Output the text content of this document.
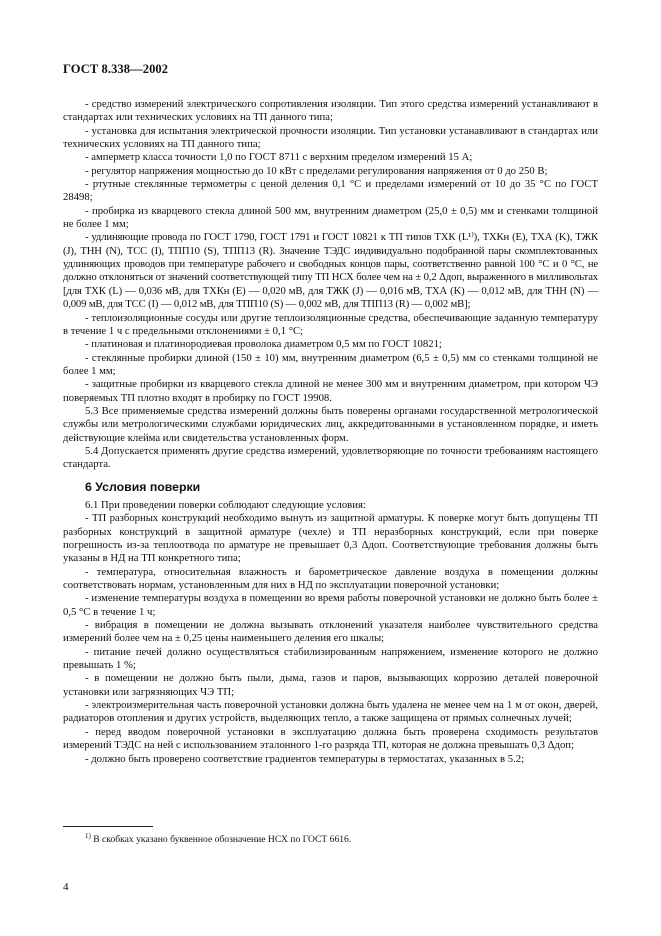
ГОСТ 8.338—2002

- средство измерений электрического сопротивления изоляции. Тип этого средства измерений устанавливают в стандартах или технических условиях на ТП данного типа;

- установка для испытания электрической прочности изоляции. Тип установки устанавливают в стандартах или технических условиях на ТП данного типа;

- амперметр класса точности 1,0 по ГОСТ 8711 с верхним пределом измерений 15 А;

- регулятор напряжения мощностью до 10 кВт с пределами регулирования напряжения от 0 до 250 В;

- ртутные стеклянные термометры с ценой деления 0,1 °С и пределами измерений от 10 до 35 °С по ГОСТ 28498;

- пробирка из кварцевого стекла длиной 500 мм, внутренним диаметром (25,0 ± 0,5) мм и стенками толщиной не более 1 мм;

- удлиняющие провода по ГОСТ 1790, ГОСТ 1791 и ГОСТ 10821 к ТП типов ТХК (L¹⁾), ТХКн (E), ТХА (K), ТЖК (J), ТНН (N), ТСС (I), ТПП10 (S), ТПП13 (R). Значение ТЭДС индивидуально подобранной пары скомплектованных удлиняющих проводов при температуре рабочего и свободных концов пары, соответственно равной 100 °С и 0 °С, не должно отклоняться от значений соответствующей типу ТП НСХ более чем на ± 0,2 Δдоп, выраженного в милливольтах [для ТХК (L) — 0,036 мВ, для ТХКн (E) — 0,020 мВ, для ТЖК (J) — 0,016 мВ, ТХА (K) — 0,012 мВ, для ТНН (N) — 0,009 мВ, для ТСС (I) — 0,012 мВ, для ТПП10 (S) — 0,002 мВ, для ТПП13 (R) — 0,002 мВ];

- теплоизоляционные сосуды или другие теплоизоляционные средства, обеспечивающие заданную температуру в течение 1 ч с предельными отклонениями ± 0,1 °С;

- платиновая и платинородиевая проволока диаметром 0,5 мм по ГОСТ 10821;

- стеклянные пробирки длиной (150 ± 10) мм, внутренним диаметром (6,5 ± 0,5) мм со стенками толщиной не более 1 мм;

- защитные пробирки из кварцевого стекла длиной не менее 300 мм и внутренним диаметром, при котором ЧЭ поверяемых ТП плотно входят в пробирку по ГОСТ 19908.

5.3 Все применяемые средства измерений должны быть поверены органами государственной метрологической службы или метрологическими службами юридических лиц, аккредитованными в установленном порядке, и иметь действующие клейма или свидетельства установленных форм.

5.4 Допускается применять другие средства измерений, удовлетворяющие по точности требованиям настоящего стандарта.

6 Условия поверки

6.1 При проведении поверки соблюдают следующие условия:

- ТП разборных конструкций необходимо вынуть из защитной арматуры. К поверке могут быть допущены ТП разборных конструкций в защитной арматуре (чехле) и ТП неразборных конструкций, если при поверке погрешность из-за теплоотвода по арматуре не превышает 0,3 Δдоп. Соответствующие требования должны быть указаны в НД на ТП конкретного типа;

- температура, относительная влажность и барометрическое давление воздуха в помещении должны соответствовать нормам, установленным для них в НД по эксплуатации поверочной установки;

- изменение температуры воздуха в помещении во время работы поверочной установки не должно быть более ± 0,5 °С в течение 1 ч;

- вибрация в помещении не должна вызывать отклонений указателя наиболее чувствительного средства измерений более чем на ± 0,25 цены наименьшего деления его шкалы;

- питание печей должно осуществляться стабилизированным напряжением, изменение которого не должно превышать 1 %;

- в помещении не должно быть пыли, дыма, газов и паров, вызывающих коррозию деталей поверочной установки или загрязняющих ЧЭ ТП;

- электроизмерительная часть поверочной установки должна быть удалена не менее чем на 1 м от окон, дверей, радиаторов отопления и других устройств, выделяющих тепло, а также защищена от прямых солнечных лучей;

- перед вводом поверочной установки в эксплуатацию должна быть проверена сходимость результатов измерений ТЭДС на ней с использованием эталонного 1-го разряда ТП, которая не должна превышать 0,3 Δдоп;

- должно быть проверено соответствие градиентов температуры в термостатах, указанных в 5.2;

$^{1)}$ В скобках указано буквенное обозначение НСХ по ГОСТ 6616.
4
